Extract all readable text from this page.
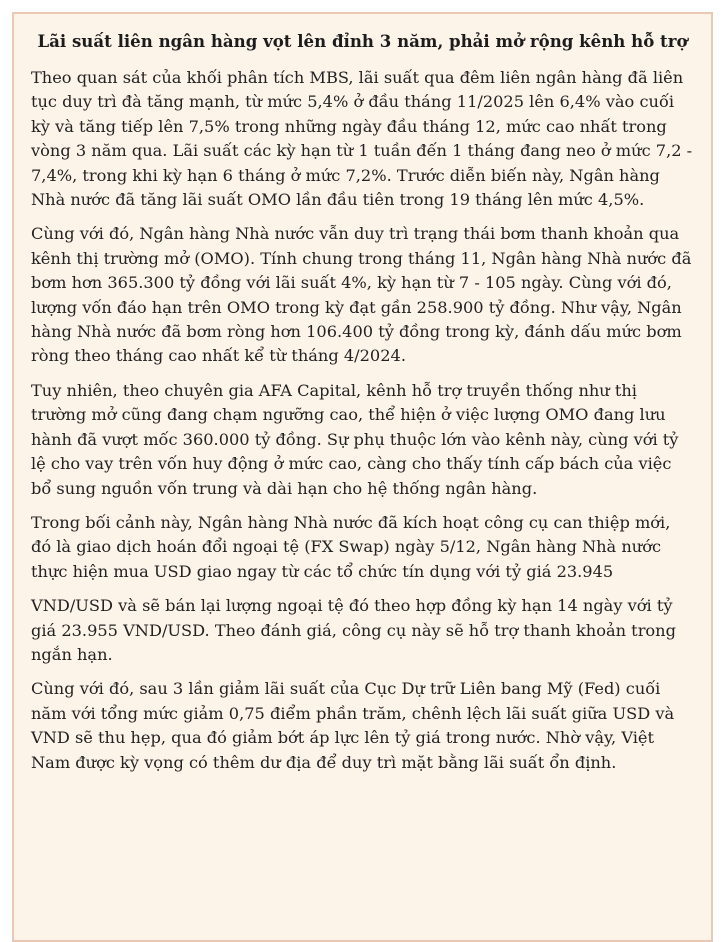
Lãi suất liên ngân hàng vọt lên đỉnh 3 năm, phải mở rộng kênh hỗ trợ

Theo quan sát của khối phân tích MBS, lãi suất qua đêm liên ngân hàng đã liên tục duy trì đà tăng mạnh, từ mức 5,4% ở đầu tháng 11/2025 lên 6,4% vào cuối kỳ và tăng tiếp lên 7,5% trong những ngày đầu tháng 12, mức cao nhất trong vòng 3 năm qua. Lãi suất các kỳ hạn từ 1 tuần đến 1 tháng đang neo ở mức 7,2 - 7,4%, trong khi kỳ hạn 6 tháng ở mức 7,2%. Trước diễn biến này, Ngân hàng Nhà nước đã tăng lãi suất OMO lần đầu tiên trong 19 tháng lên mức 4,5%.

Cùng với đó, Ngân hàng Nhà nước vẫn duy trì trạng thái bơm thanh khoản qua kênh thị trường mở (OMO). Tính chung trong tháng 11, Ngân hàng Nhà nước đã bơm hơn 365.300 tỷ đồng với lãi suất 4%, kỳ hạn từ 7 - 105 ngày. Cùng với đó, lượng vốn đáo hạn trên OMO trong kỳ đạt gần 258.900 tỷ đồng. Như vậy, Ngân hàng Nhà nước đã bơm ròng hơn 106.400 tỷ đồng trong kỳ, đánh dấu mức bơm ròng theo tháng cao nhất kể từ tháng 4/2024.

Tuy nhiên, theo chuyên gia AFA Capital, kênh hỗ trợ truyền thống như thị trường mở cũng đang chạm ngưỡng cao, thể hiện ở việc lượng OMO đang lưu hành đã vượt mốc 360.000 tỷ đồng. Sự phụ thuộc lớn vào kênh này, cùng với tỷ lệ cho vay trên vốn huy động ở mức cao, càng cho thấy tính cấp bách của việc bổ sung nguồn vốn trung và dài hạn cho hệ thống ngân hàng.

Trong bối cảnh này, Ngân hàng Nhà nước đã kích hoạt công cụ can thiệp mới, đó là giao dịch hoán đổi ngoại tệ (FX Swap) ngày 5/12, Ngân hàng Nhà nước thực hiện mua USD giao ngay từ các tổ chức tín dụng với tỷ giá 23.945

VND/USD và sẽ bán lại lượng ngoại tệ đó theo hợp đồng kỳ hạn 14 ngày với tỷ giá 23.955 VND/USD. Theo đánh giá, công cụ này sẽ hỗ trợ thanh khoản trong ngắn hạn.

Cùng với đó, sau 3 lần giảm lãi suất của Cục Dự trữ Liên bang Mỹ (Fed) cuối năm với tổng mức giảm 0,75 điểm phần trăm, chênh lệch lãi suất giữa USD và VND sẽ thu hẹp, qua đó giảm bớt áp lực lên tỷ giá trong nước. Nhờ vậy, Việt Nam được kỳ vọng có thêm dư địa để duy trì mặt bằng lãi suất ổn định.
